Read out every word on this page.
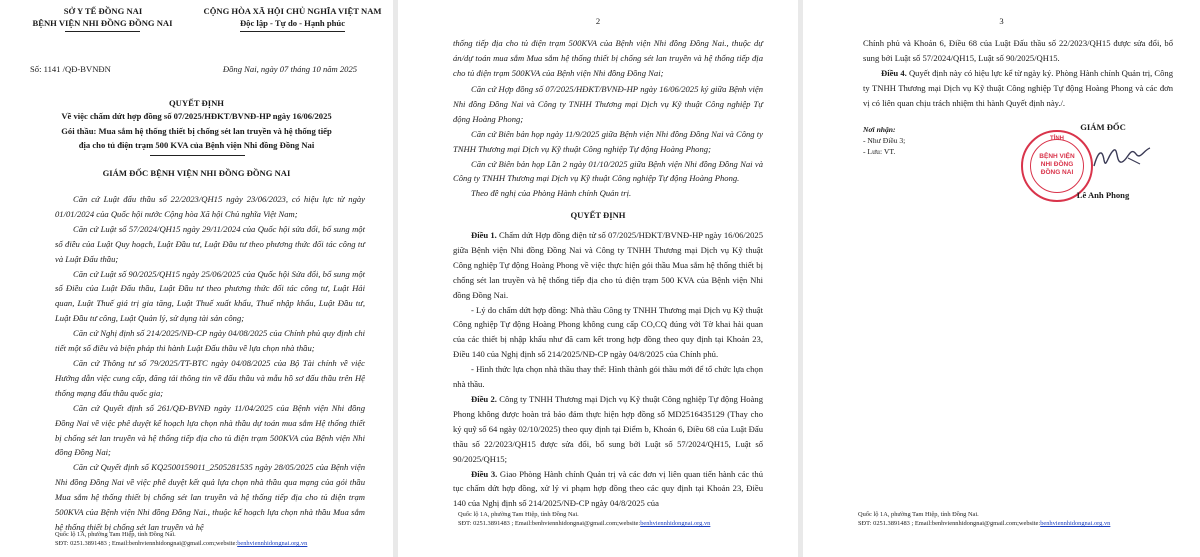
SỞ Y TẾ ĐỒNG NAI
BỆNH VIỆN NHI ĐỒNG ĐỒNG NAI
Số: 1141 /QĐ-BVNĐN
CỘNG HÒA XÃ HỘI CHỦ NGHĨA VIỆT NAM
Độc lập - Tự do - Hạnh phúc
Đồng Nai, ngày 07 tháng 10 năm 2025
QUYẾT ĐỊNH
Về việc chấm dứt hợp đồng số 07/2025/HĐKT/BVNĐ-HP ngày 16/06/2025
Gói thầu: Mua sắm hệ thống thiết bị chống sét lan truyền và hệ thống tiếp
địa cho tủ điện trạm 500 KVA của Bệnh viện Nhi đồng Đồng Nai
GIÁM ĐỐC BỆNH VIỆN NHI ĐỒNG ĐỒNG NAI

Căn cứ Luật đấu thầu số 22/2023/QH15 ngày 23/06/2023, có hiệu lực từ ngày 01/01/2024 của Quốc hội nước Cộng hòa Xã hội Chủ nghĩa Việt Nam;

Căn cứ Luật số 57/2024/QH15 ngày 29/11/2024 của Quốc hội sửa đổi, bổ sung một số điều của Luật Quy hoạch, Luật Đầu tư, Luật Đầu tư theo phương thức đối tác công tư và Luật Đấu thầu;

Căn cứ Luật số 90/2025/QH15 ngày 25/06/2025 của Quốc hội Sửa đổi, bổ sung một số Điều của Luật Đấu thầu, Luật Đầu tư theo phương thức đối tác công tư, Luật Hải quan, Luật Thuế giá trị gia tăng, Luật Thuế xuất khẩu, Thuế nhập khẩu, Luật Đầu tư, Luật Đầu tư công, Luật Quản lý, sử dụng tài sản công;

Căn cứ Nghị định số 214/2025/NĐ-CP ngày 04/08/2025 của Chính phủ quy định chi tiết một số điều và biện pháp thi hành Luật Đấu thầu về lựa chọn nhà thầu;

Căn cứ Thông tư số 79/2025/TT-BTC ngày 04/08/2025 của Bộ Tài chính về việc Hướng dẫn việc cung cấp, đăng tải thông tin về đấu thầu và mẫu hồ sơ đấu thầu trên Hệ thống mạng đấu thầu quốc gia;

Căn cứ Quyết định số 261/QĐ-BVNĐ ngày 11/04/2025 của Bệnh viện Nhi đồng Đồng Nai về việc phê duyệt kế hoạch lựa chọn nhà thầu dự toán mua sắm Hệ thống thiết bị chống sét lan truyền và hệ thống tiếp địa cho tủ điện trạm 500KVA của Bệnh viện Nhi đồng Đồng Nai;

Căn cứ Quyết định số KQ2500159011_2505281535 ngày 28/05/2025 của Bệnh viện Nhi đồng Đồng Nai về việc phê duyệt kết quả lựa chọn nhà thầu qua mạng của gói thầu Mua sắm hệ thống thiết bị chống sét lan truyền và hệ thống tiếp địa cho tủ điện trạm 500KVA của Bệnh viện Nhi đồng Đồng Nai., thuộc kế hoạch lựa chọn nhà thầu Mua sắm hệ thống thiết bị chống sét lan truyền và hệ

Quốc lộ 1A, phường Tam Hiệp, tỉnh Đồng Nai.
SĐT: 0251.3891483 ; Email:benhviennhidongnai@gmail.com;website:benhviennhidongnai.org.vn
2
thống tiếp địa cho tủ điện trạm 500KVA của Bệnh viện Nhi đồng Đồng Nai., thuộc dự án/dự toán mua sắm Mua sắm hệ thống thiết bị chống sét lan truyền và hệ thống tiếp địa cho tủ điện trạm 500KVA của Bệnh viện Nhi đồng Đồng Nai;

Căn cứ Hợp đồng số 07/2025/HĐKT/BVNĐ-HP ngày 16/06/2025 ký giữa Bệnh viện Nhi đồng Đồng Nai và Công ty TNHH Thương mại Dịch vụ Kỹ thuật Công nghiệp Tự động Hoàng Phong;

Căn cứ Biên bản họp ngày 11/9/2025 giữa Bệnh viện Nhi đồng Đồng Nai và Công ty TNHH Thương mại Dịch vụ Kỹ thuật Công nghiệp Tự động Hoàng Phong;

Căn cứ Biên bản họp Lần 2 ngày 01/10/2025 giữa Bệnh viện Nhi đồng Đồng Nai và Công ty TNHH Thương mại Dịch vụ Kỹ thuật Công nghiệp Tự động Hoàng Phong.

Theo đề nghị của Phòng Hành chính Quản trị.

QUYẾT ĐỊNH

Điều 1. Chấm dứt Hợp đồng điện tử số 07/2025/HĐKT/BVNĐ-HP ngày 16/06/2025 giữa Bệnh viện Nhi đồng Đồng Nai và Công ty TNHH Thương mại Dịch vụ Kỹ thuật Công nghiệp Tự động Hoàng Phong về việc thực hiện gói thầu Mua sắm hệ thống thiết bị chống sét lan truyền và hệ thống tiếp địa cho tủ điện trạm 500 KVA của Bệnh viện Nhi đồng Đồng Nai.

- Lý do chấm dứt hợp đồng: Nhà thầu Công ty TNHH Thương mại Dịch vụ Kỹ thuật Công nghiệp Tự động Hoàng Phong không cung cấp CO,CQ đúng với Tờ khai hải quan của các thiết bị nhập khẩu như đã cam kết trong hợp đồng theo quy định tại Khoản 23, Điều 140 của Nghị định số 214/2025/NĐ-CP ngày 04/8/2025 của Chính phủ.

- Hình thức lựa chọn nhà thầu thay thế: Hình thành gói thầu mới để tổ chức lựa chọn nhà thầu.

Điều 2. Công ty TNHH Thương mại Dịch vụ Kỹ thuật Công nghiệp Tự động Hoàng Phong không được hoàn trả bảo đảm thực hiện hợp đồng số MD2516435129 (Thay cho ký quỹ số 64 ngày 02/10/2025) theo quy định tại Điểm b, Khoản 6, Điều 68 của Luật Đấu thầu số 22/2023/QH15 được sửa đổi, bổ sung bởi Luật số 57/2024/QH15, Luật số 90/2025/QH15;

Điều 3. Giao Phòng Hành chính Quản trị và các đơn vị liên quan tiến hành các thủ tục chấm dứt hợp đồng, xử lý vi phạm hợp đồng theo các quy định tại Khoản 23, Điều 140 của Nghị định số 214/2025/NĐ-CP ngày 04/8/2025 của

Quốc lộ 1A, phường Tam Hiệp, tỉnh Đồng Nai.
SĐT: 0251.3891483 ; Email:benhviennhidongnai@gmail.com;website:benhviennhidongnai.org.vn
3

Chính phủ và Khoản 6, Điều 68 của Luật Đấu thầu số 22/2023/QH15 được sửa đổi, bổ sung bởi Luật số 57/2024/QH15, Luật số 90/2025/QH15.

Điều 4. Quyết định này có hiệu lực kể từ ngày ký. Phòng Hành chính Quản trị, Công ty TNHH Thương mại Dịch vụ Kỹ thuật Công nghiệp Tự động Hoàng Phong và các đơn vị có liên quan chịu trách nhiệm thi hành Quyết định này./.

Nơi nhận:
- Như Điều 3;
- Lưu: VT.
GIÁM ĐỐC
TỈNH
BỆNH VIỆN
NHI ĐỒNG
ĐỒNG NAI
Lê Anh Phong
Quốc lộ 1A, phường Tam Hiệp, tỉnh Đồng Nai.
SĐT: 0251.3891483 ; Email:benhviennhidongnai@gmail.com;website:benhviennhidongnai.org.vn
